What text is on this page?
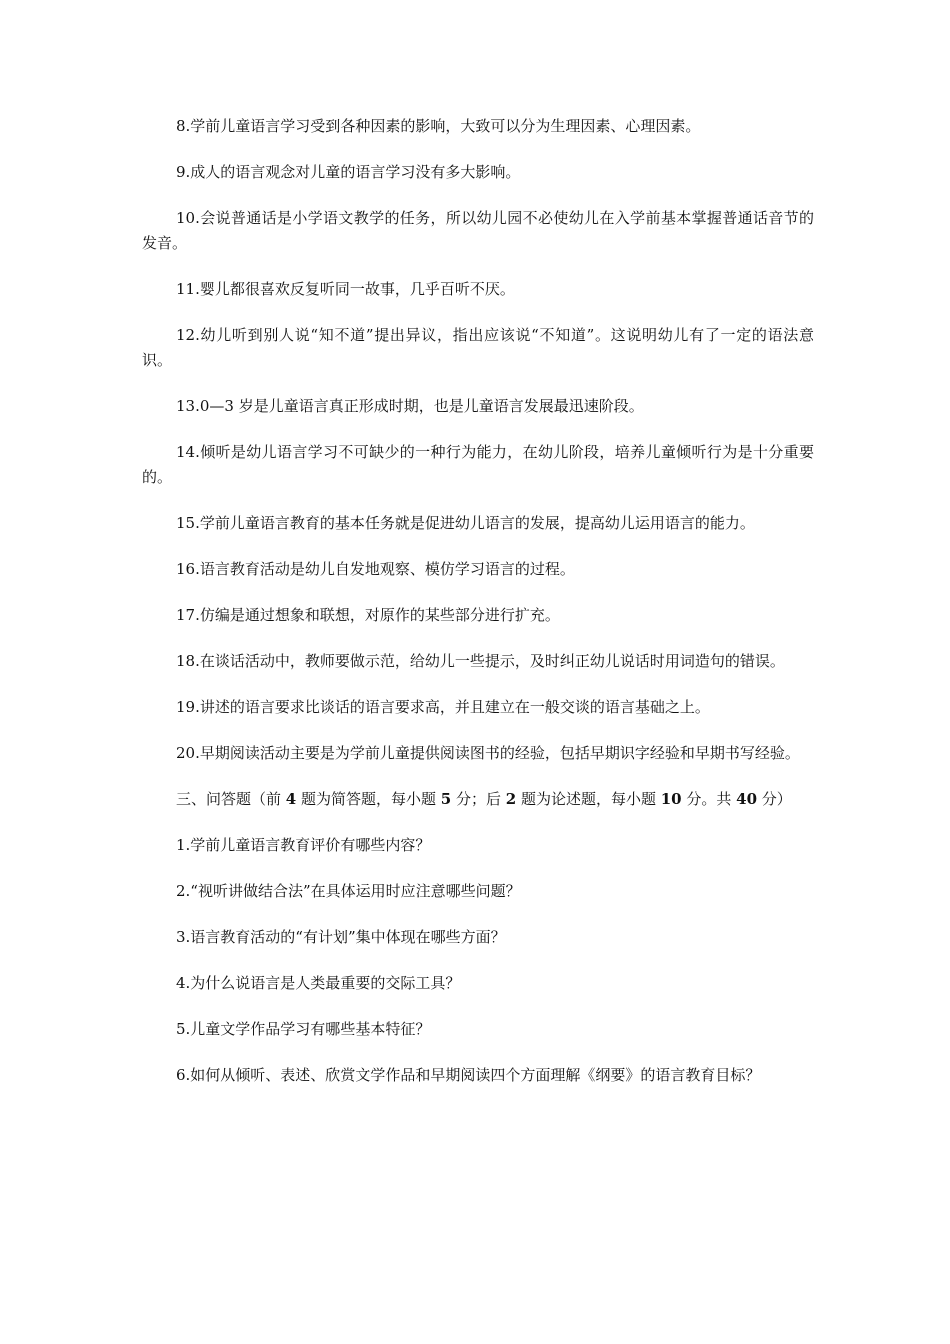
8.学前儿童语言学习受到各种因素的影响，大致可以分为生理因素、心理因素。

9.成人的语言观念对儿童的语言学习没有多大影响。

10.会说普通话是小学语文教学的任务，所以幼儿园不必使幼儿在入学前基本掌握普通话音节的发音。

11.婴儿都很喜欢反复听同一故事，几乎百听不厌。

12.幼儿听到别人说“知不道”提出异议，指出应该说“不知道”。这说明幼儿有了一定的语法意识。

13.0—3 岁是儿童语言真正形成时期，也是儿童语言发展最迅速阶段。

14.倾听是幼儿语言学习不可缺少的一种行为能力，在幼儿阶段，培养儿童倾听行为是十分重要的。

15.学前儿童语言教育的基本任务就是促进幼儿语言的发展，提高幼儿运用语言的能力。

16.语言教育活动是幼儿自发地观察、模仿学习语言的过程。

17.仿编是通过想象和联想，对原作的某些部分进行扩充。

18.在谈话活动中，教师要做示范，给幼儿一些提示，及时纠正幼儿说话时用词造句的错误。

19.讲述的语言要求比谈话的语言要求高，并且建立在一般交谈的语言基础之上。

20.早期阅读活动主要是为学前儿童提供阅读图书的经验，包括早期识字经验和早期书写经验。

三、问答题（前 4 题为简答题，每小题 5 分；后 2 题为论述题，每小题 10 分。共 40 分）

1.学前儿童语言教育评价有哪些内容？

2.“视听讲做结合法”在具体运用时应注意哪些问题？

3.语言教育活动的“有计划”集中体现在哪些方面？

4.为什么说语言是人类最重要的交际工具？

5.儿童文学作品学习有哪些基本特征？

6.如何从倾听、表述、欣赏文学作品和早期阅读四个方面理解《纲要》的语言教育目标？
